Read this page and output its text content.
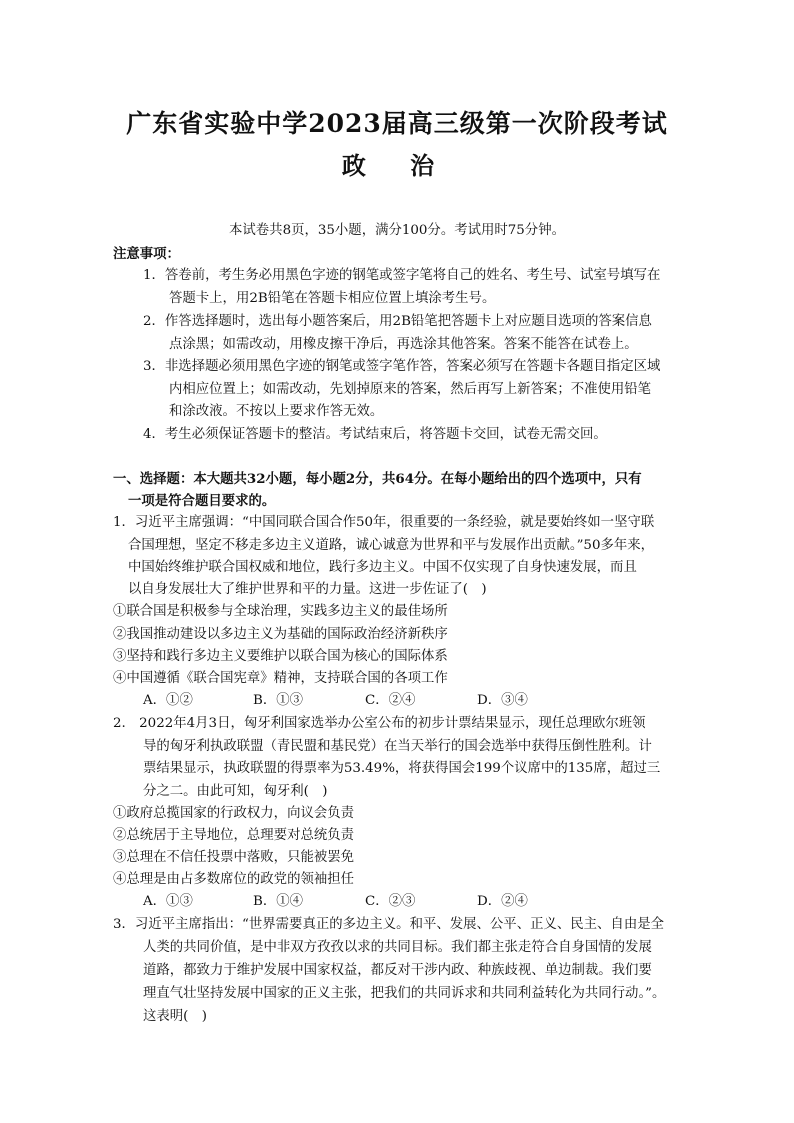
广东省实验中学2023届高三级第一次阶段考试
政 治
本试卷共8页，35小题，满分100分。考试用时75分钟。
注意事项：
1．答卷前，考生务必用黑色字迹的钢笔或签字笔将自己的姓名、考生号、试室号填写在
答题卡上，用2B铅笔在答题卡相应位置上填涂考生号。
2．作答选择题时，选出每小题答案后，用2B铅笔把答题卡上对应题目选项的答案信息
点涂黑；如需改动，用橡皮擦干净后，再选涂其他答案。答案不能答在试卷上。
3．非选择题必须用黑色字迹的钢笔或签字笔作答，答案必须写在答题卡各题目指定区域
内相应位置上；如需改动，先划掉原来的答案，然后再写上新答案；不准使用铅笔
和涂改液。不按以上要求作答无效。
4．考生必须保证答题卡的整洁。考试结束后，将答题卡交回，试卷无需交回。
一、选择题：本大题共32小题，每小题2分，共64分。在每小题给出的四个选项中，只有
一项是符合题目要求的。
1．习近平主席强调：“中国同联合国合作50年，很重要的一条经验，就是要始终如一坚守联
合国理想，坚定不移走多边主义道路，诚心诚意为世界和平与发展作出贡献。”50多年来，
中国始终维护联合国权威和地位，践行多边主义。中国不仅实现了自身快速发展，而且
以自身发展壮大了维护世界和平的力量。这进一步佐证了(　)
①联合国是积极参与全球治理，实践多边主义的最佳场所
②我国推动建设以多边主义为基础的国际政治经济新秩序
③坚持和践行多边主义要维护以联合国为核心的国际体系
④中国遵循《联合国宪章》精神，支持联合国的各项工作
A．①②	B．①③	C．②④	D．③④
2.　2022年4月3日，匈牙利国家选举办公室公布的初步计票结果显示，现任总理欧尔班领
导的匈牙利执政联盟（青民盟和基民党）在当天举行的国会选举中获得压倒性胜利。计
票结果显示，执政联盟的得票率为53.49%，将获得国会199个议席中的135席，超过三
分之二。由此可知，匈牙利(　)
①政府总揽国家的行政权力，向议会负责
②总统居于主导地位，总理要对总统负责
③总理在不信任投票中落败，只能被罢免
④总理是由占多数席位的政党的领袖担任
A．①③	B．①④	C．②③	D．②④
3．习近平主席指出：“世界需要真正的多边主义。和平、发展、公平、正义、民主、自由是全
人类的共同价值，是中非双方孜孜以求的共同目标。我们都主张走符合自身国情的发展
道路，都致力于维护发展中国家权益，都反对干涉内政、种族歧视、单边制裁。我们要
理直气壮坚持发展中国家的正义主张，把我们的共同诉求和共同利益转化为共同行动。”。
这表明(　)
